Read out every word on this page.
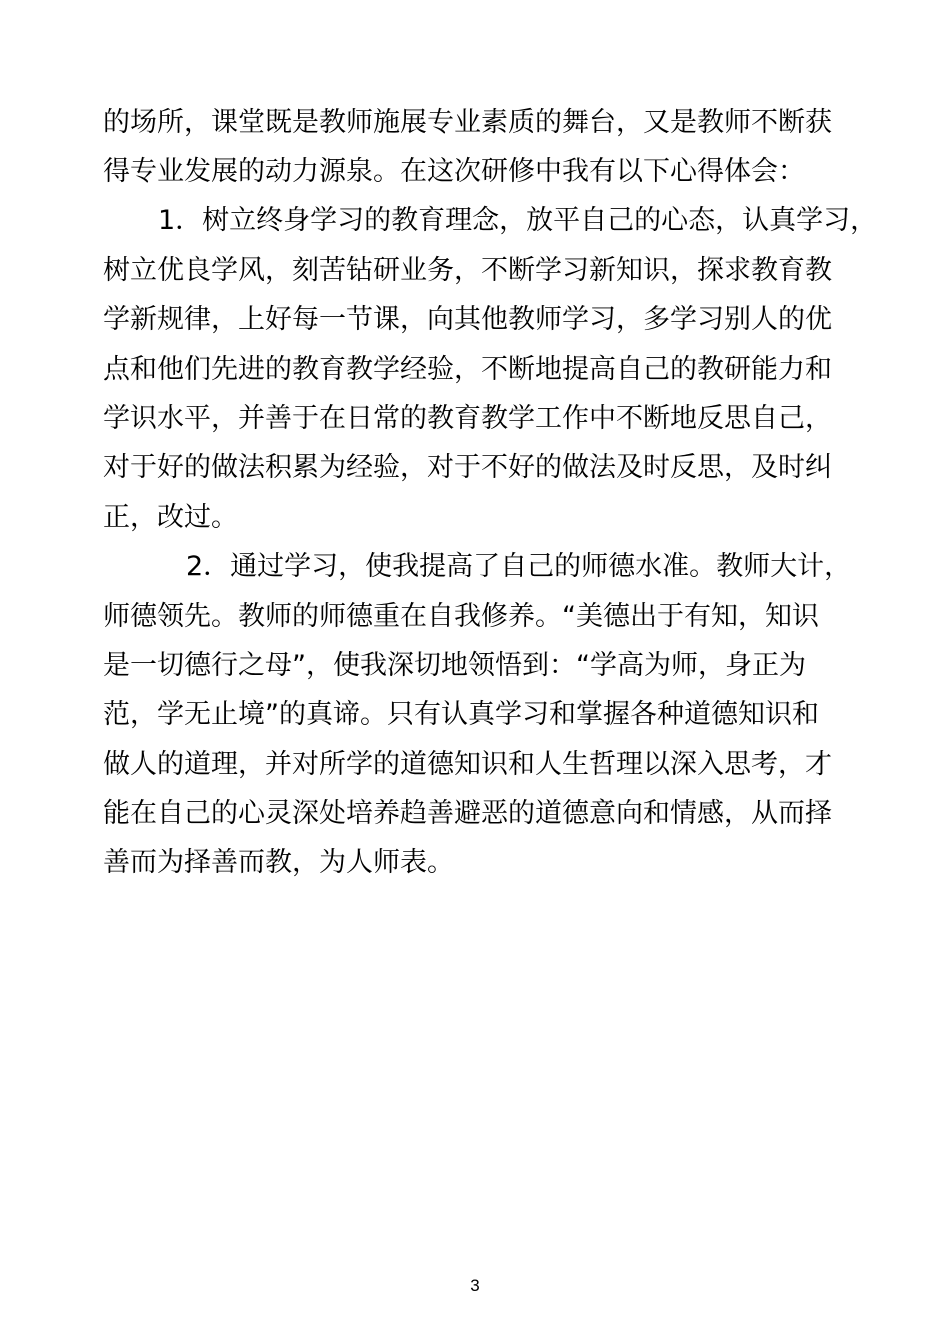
的场所，课堂既是教师施展专业素质的舞台，又是教师不断获
得专业发展的动力源泉。在这次研修中我有以下心得体会：
1．树立终身学习的教育理念，放平自己的心态，认真学习，
树立优良学风，刻苦钻研业务，不断学习新知识，探求教育教
学新规律，上好每一节课，向其他教师学习，多学习别人的优
点和他们先进的教育教学经验，不断地提高自己的教研能力和
学识水平，并善于在日常的教育教学工作中不断地反思自己，
对于好的做法积累为经验，对于不好的做法及时反思，及时纠
正，改过。
2．通过学习，使我提高了自己的师德水准。教师大计，
师德领先。教师的师德重在自我修养。“美德出于有知，知识
是一切德行之母”，使我深切地领悟到：“学高为师，身正为
范，学无止境”的真谛。只有认真学习和掌握各种道德知识和
做人的道理，并对所学的道德知识和人生哲理以深入思考，才
能在自己的心灵深处培养趋善避恶的道德意向和情感，从而择
善而为择善而教，为人师表。
3
